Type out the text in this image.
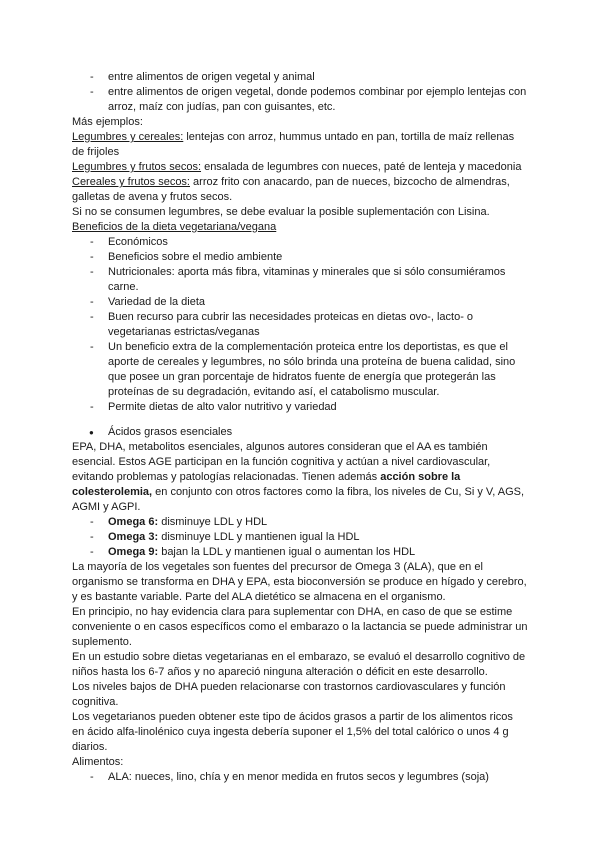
- entre alimentos de origen vegetal y animal
- entre alimentos de origen vegetal, donde podemos combinar por ejemplo lentejas con arroz, maíz con judías, pan con guisantes, etc.

Más ejemplos:

Legumbres y cereales: lentejas con arroz, hummus untado en pan, tortilla de maíz rellenas de frijoles

Legumbres y frutos secos: ensalada de legumbres con nueces, paté de lenteja y macedonia

Cereales y frutos secos: arroz frito con anacardo, pan de nueces, bizcocho de almendras, galletas de avena y frutos secos.

Si no se consumen legumbres, se debe evaluar la posible suplementación con Lisina.

Beneficios de la dieta vegetariana/vegana

- Económicos
- Beneficios sobre el medio ambiente
- Nutricionales: aporta más fibra, vitaminas y minerales que si sólo consumiéramos carne.
- Variedad de la dieta
- Buen recurso para cubrir las necesidades proteicas en dietas ovo-, lacto- o vegetarianas estrictas/veganas
- Un beneficio extra de la complementación proteica entre los deportistas, es que el aporte de cereales y legumbres, no sólo brinda una proteína de buena calidad, sino que posee un gran porcentaje de hidratos fuente de energía que protegerán las proteínas de su degradación, evitando así, el catabolismo muscular.
- Permite dietas de alto valor nutritivo y variedad

● Ácidos grasos esenciales

EPA, DHA, metabolitos esenciales, algunos autores consideran que el AA es también esencial. Estos AGE participan en la función cognitiva y actúan a nivel cardiovascular, evitando problemas y patologías relacionadas. Tienen además acción sobre la colesterolemia, en conjunto con otros factores como la fibra, los niveles de Cu, Si y V, AGS, AGMI y AGPI.

- Omega 6: disminuye LDL y HDL
- Omega 3: disminuye LDL y mantienen igual la HDL
- Omega 9: bajan la LDL y mantienen igual o aumentan los HDL

La mayoría de los vegetales son fuentes del precursor de Omega 3 (ALA), que en el organismo se transforma en DHA y EPA, esta bioconversión se produce en hígado y cerebro, y es bastante variable. Parte del ALA dietético se almacena en el organismo.

En principio, no hay evidencia clara para suplementar con DHA, en caso de que se estime conveniente o en casos específicos como el embarazo o la lactancia se puede administrar un suplemento.

En un estudio sobre dietas vegetarianas en el embarazo, se evaluó el desarrollo cognitivo de niños hasta los 6-7 años y no apareció ninguna alteración o déficit en este desarrollo.

Los niveles bajos de DHA pueden relacionarse con trastornos cardiovasculares y función cognitiva.

Los vegetarianos pueden obtener este tipo de ácidos grasos a partir de los alimentos ricos en ácido alfa-linolénico cuya ingesta debería suponer el 1,5% del total calórico o unos 4 g diarios.

Alimentos:

- ALA: nueces, lino, chía y en menor medida en frutos secos y legumbres (soja)
